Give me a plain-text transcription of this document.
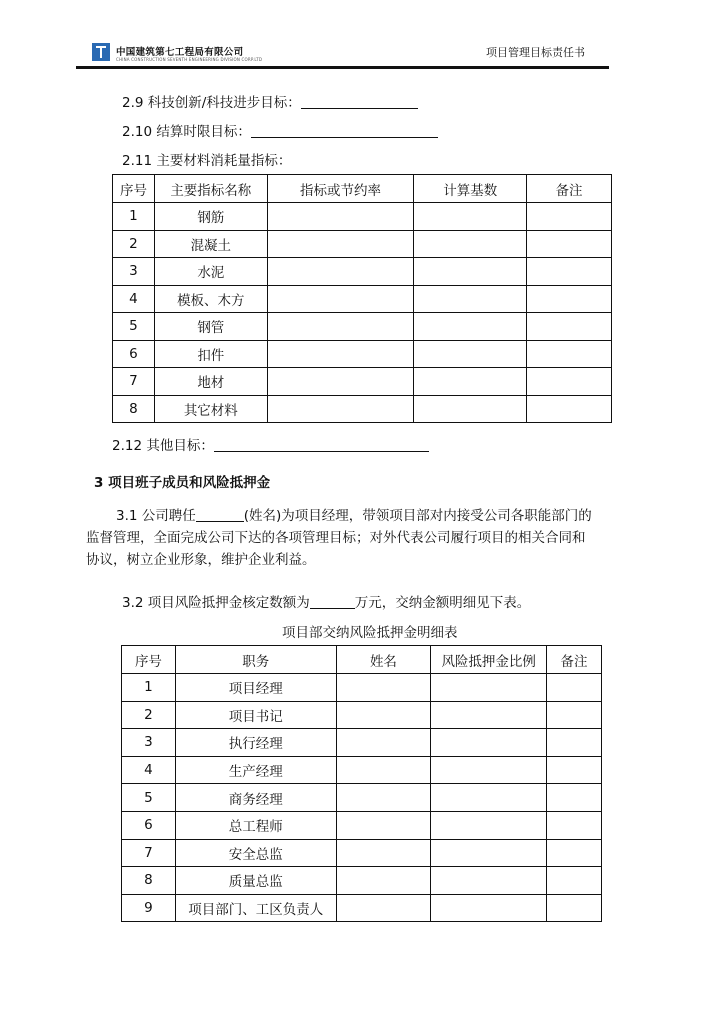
中国建筑第七工程局有限公司
CHINA CONSTRUCTION SEVENTH ENGINEERING DIVISION CORP.LTD
项目管理目标责任书
2.9 科技创新/科技进步目标：
2.10 结算时限目标：
2.11 主要材料消耗量指标：
序号	主要指标名称	指标或节约率	计算基数	备注
1	钢筋			
2	混凝土			
3	水泥			
4	模板、木方			
5	钢管			
6	扣件			
7	地材			
8	其它材料			
2.12 其他目标：
3 项目班子成员和风险抵押金
3.1 公司聘任	(姓名)为项目经理，带领项目部对内接受公司各职能部门的
监督管理，全面完成公司下达的各项管理目标；对外代表公司履行项目的相关合同和
协议，树立企业形象，维护企业利益。
3.2 项目风险抵押金核定数额为	万元，交纳金额明细见下表。
项目部交纳风险抵押金明细表
序号	职务	姓名	风险抵押金比例	备注
1	项目经理			
2	项目书记			
3	执行经理			
4	生产经理			
5	商务经理			
6	总工程师			
7	安全总监			
8	质量总监			
9	项目部门、工区负责人			
